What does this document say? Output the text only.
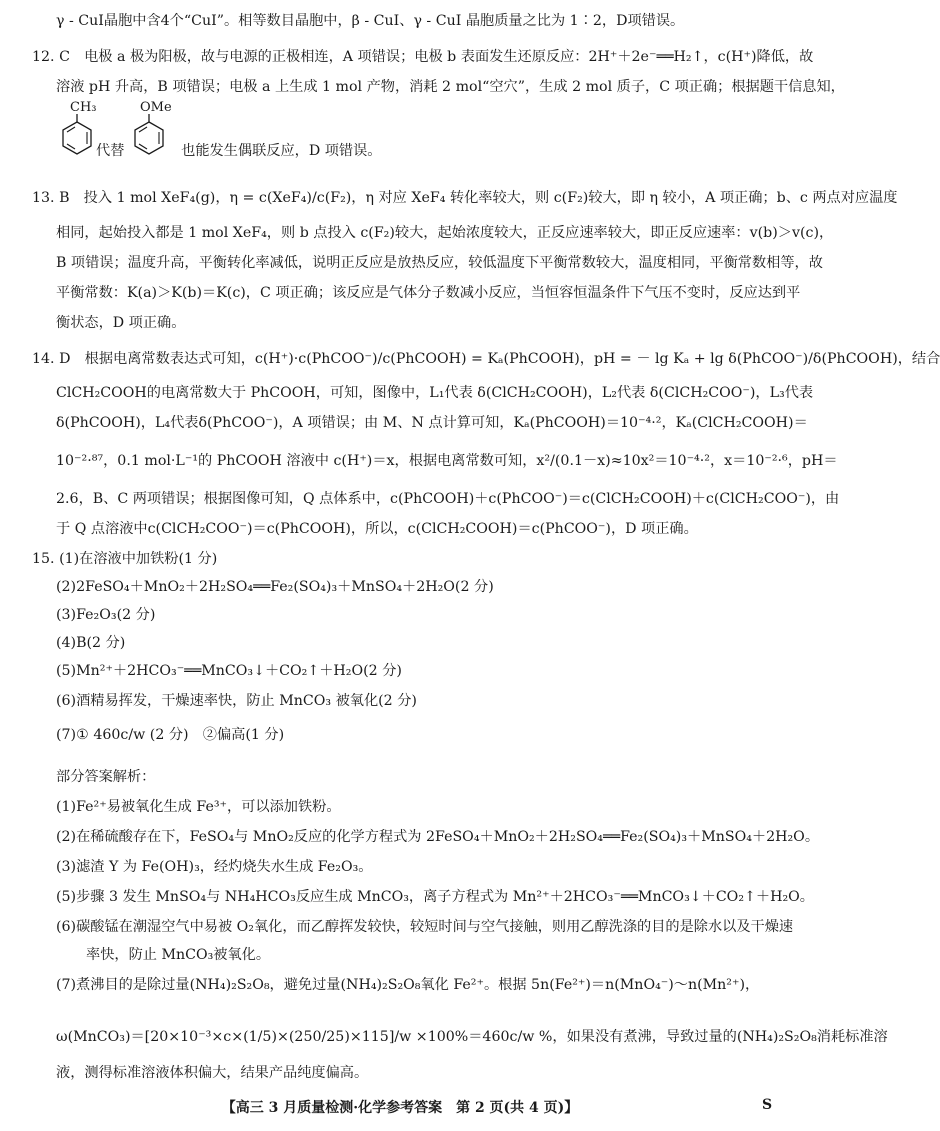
γ - CuI晶胞中含4个“CuI”。相等数目晶胞中，β - CuI、γ - CuI 晶胞质量之比为 1∶2，D项错误。
12. C　电极 a 极为阳极，故与电源的正极相连，A 项错误；电极 b 表面发生还原反应：2H⁺＋2e⁻══H₂↑，c(H⁺)降低，故
溶液 pH 升高，B 项错误；电极 a 上生成 1 mol 产物，消耗 2 mol“空穴”，生成 2 mol 质子，C 项正确；根据题干信息知，
CH₃	OMe
代替　　　　也能发生偶联反应，D 项错误。
13. B　投入 1 mol XeF₄(g)，η = c(XeF₄)/c(F₂)，η 对应 XeF₄ 转化率较大，则 c(F₂)较大，即 η 较小，A 项正确；b、c 两点对应温度
相同，起始投入都是 1 mol XeF₄，则 b 点投入 c(F₂)较大，起始浓度较大，正反应速率较大，即正反应速率：v(b)＞v(c)，
B 项错误；温度升高，平衡转化率减低，说明正反应是放热反应，较低温度下平衡常数较大，温度相同，平衡常数相等，故
平衡常数：K(a)＞K(b)＝K(c)，C 项正确；该反应是气体分子数减小反应，当恒容恒温条件下气压不变时，反应达到平
衡状态，D 项正确。
14. D　根据电离常数表达式可知，c(H⁺)·c(PhCOO⁻)/c(PhCOOH) = Kₐ(PhCOOH)，pH = － lg Kₐ + lg δ(PhCOO⁻)/δ(PhCOOH)，结合
ClCH₂COOH的电离常数大于 PhCOOH，可知，图像中，L₁代表 δ(ClCH₂COOH)，L₂代表 δ(ClCH₂COO⁻)，L₃代表
δ(PhCOOH)，L₄代表δ(PhCOO⁻)，A 项错误；由 M、N 点计算可知，Kₐ(PhCOOH)＝10⁻⁴·²，Kₐ(ClCH₂COOH)＝
10⁻²·⁸⁷，0.1 mol·L⁻¹的 PhCOOH 溶液中 c(H⁺)＝x，根据电离常数可知，x²/(0.1－x)≈10x²＝10⁻⁴·²，x＝10⁻²·⁶，pH＝
2.6，B、C 两项错误；根据图像可知，Q 点体系中，c(PhCOOH)＋c(PhCOO⁻)＝c(ClCH₂COOH)＋c(ClCH₂COO⁻)，由
于 Q 点溶液中c(ClCH₂COO⁻)＝c(PhCOOH)，所以，c(ClCH₂COOH)＝c(PhCOO⁻)，D 项正确。
15. (1)在溶液中加铁粉(1 分)
(2)2FeSO₄＋MnO₂＋2H₂SO₄══Fe₂(SO₄)₃＋MnSO₄＋2H₂O(2 分)
(3)Fe₂O₃(2 分)
(4)B(2 分)
(5)Mn²⁺＋2HCO₃⁻══MnCO₃↓＋CO₂↑＋H₂O(2 分)
(6)酒精易挥发，干燥速率快，防止 MnCO₃ 被氧化(2 分)
(7)① 460c/w (2 分)　②偏高(1 分)
部分答案解析：
(1)Fe²⁺易被氧化生成 Fe³⁺，可以添加铁粉。
(2)在稀硫酸存在下，FeSO₄与 MnO₂反应的化学方程式为 2FeSO₄＋MnO₂＋2H₂SO₄══Fe₂(SO₄)₃＋MnSO₄＋2H₂O。
(3)滤渣 Y 为 Fe(OH)₃，经灼烧失水生成 Fe₂O₃。
(5)步骤 3 发生 MnSO₄与 NH₄HCO₃反应生成 MnCO₃，离子方程式为 Mn²⁺＋2HCO₃⁻══MnCO₃↓＋CO₂↑＋H₂O。
(6)碳酸锰在潮湿空气中易被 O₂氧化，而乙醇挥发较快，较短时间与空气接触，则用乙醇洗涤的目的是除水以及干燥速
率快，防止 MnCO₃被氧化。
(7)煮沸目的是除过量(NH₄)₂S₂O₈，避免过量(NH₄)₂S₂O₈氧化 Fe²⁺。根据 5n(Fe²⁺)＝n(MnO₄⁻)～n(Mn²⁺)，
ω(MnCO₃)＝[20×10⁻³×c×(1/5)×(250/25)×115]/w ×100%＝460c/w %，如果没有煮沸，导致过量的(NH₄)₂S₂O₈消耗标准溶
液，测得标准溶液体积偏大，结果产品纯度偏高。
【高三 3 月质量检测·化学参考答案　第 2 页(共 4 页)】	S
